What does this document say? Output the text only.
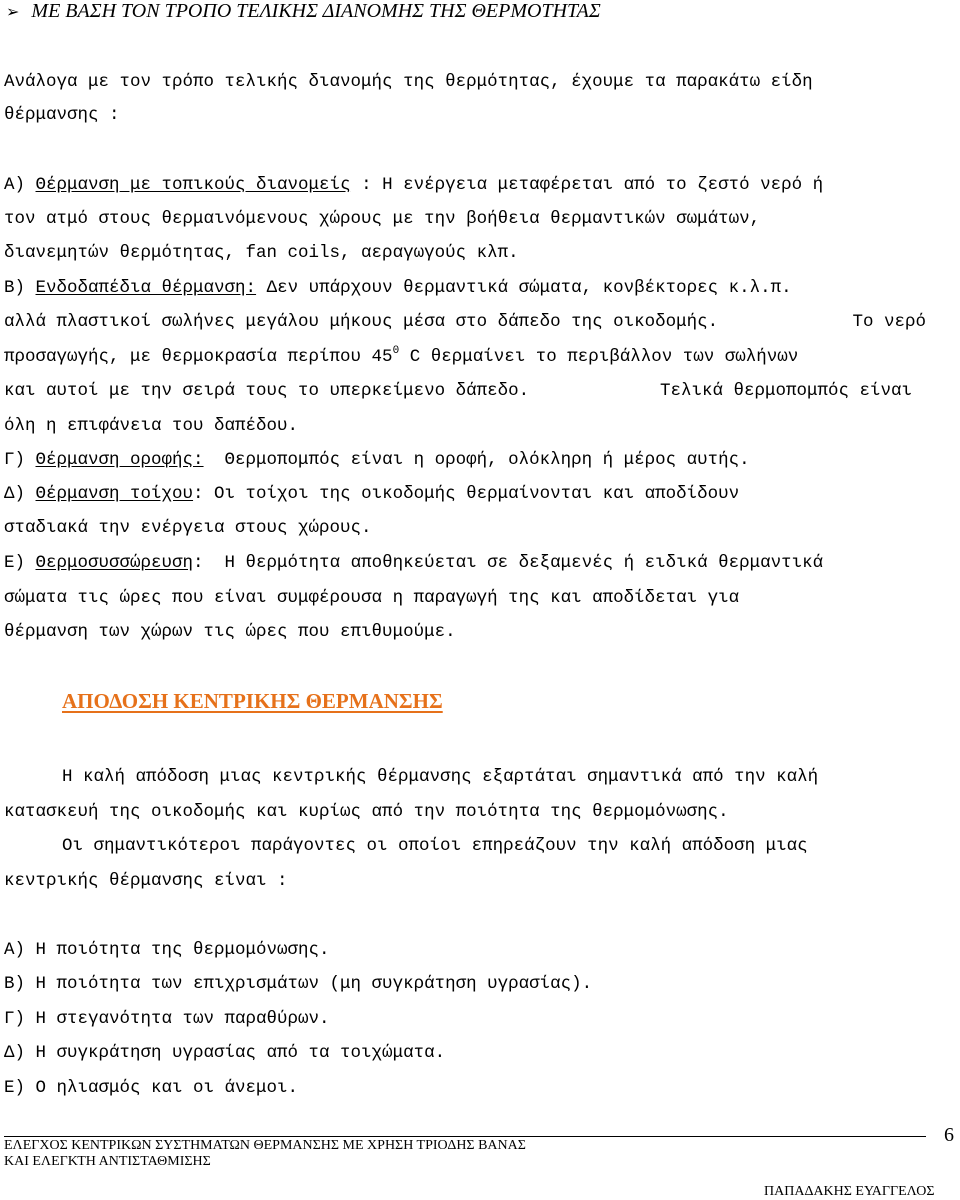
➢ ΜΕ ΒΑΣΗ ΤΟΝ ΤΡΟΠΟ ΤΕΛΙΚΗΣ ΔΙΑΝΟΜΗΣ ΤΗΣ ΘΕΡΜΟΤΗΤΑΣ
Ανάλογα με τον τρόπο τελικής διανομής της θερμότητας, έχουμε τα παρακάτω είδη
θέρμανσης :
Α) Θέρμανση με τοπικούς διανομείς : Η ενέργεια μεταφέρεται από το ζεστό νερό ή
τον ατμό στους θερμαινόμενους χώρους με την βοήθεια θερμαντικών σωμάτων,
διανεμητών θερμότητας, fan coils, αεραγωγούς κλπ.
Β) Ενδοδαπέδια θέρμανση: Δεν υπάρχουν θερμαντικά σώματα, κονβέκτορες κ.λ.π.
αλλά πλαστικοί σωλήνες μεγάλου μήκους μέσα στο δάπεδο της οικοδομής.	Το νερό
προσαγωγής, με θερμοκρασία περίπου $45^0$ C θερμαίνει το περιβάλλον των σωλήνων
και αυτοί με την σειρά τους το υπερκείμενο δάπεδο.	Τελικά θερμοπομπός είναι
όλη η επιφάνεια του δαπέδου.
Γ) Θέρμανση οροφής:  Θερμοπομπός είναι η οροφή, ολόκληρη ή μέρος αυτής.
Δ) Θέρμανση τοίχου: Οι τοίχοι της οικοδομής θερμαίνονται και αποδίδουν
σταδιακά την ενέργεια στους χώρους.
Ε) Θερμοσυσσώρευση:  Η θερμότητα αποθηκεύεται σε δεξαμενές ή ειδικά θερμαντικά
σώματα τις ώρες που είναι συμφέρουσα η παραγωγή της και αποδίδεται για
θέρμανση των χώρων τις ώρες που επιθυμούμε.
ΑΠΟΔΟΣΗ ΚΕΝΤΡΙΚΗΣ ΘΕΡΜΑΝΣΗΣ
Η καλή απόδοση μιας κεντρικής θέρμανσης εξαρτάται σημαντικά από την καλή
κατασκευή της οικοδομής και κυρίως από την ποιότητα της θερμομόνωσης.
Οι σημαντικότεροι παράγοντες οι οποίοι επηρεάζουν την καλή απόδοση μιας
κεντρικής θέρμανσης είναι :
Α) Η ποιότητα της θερμομόνωσης.
Β) Η ποιότητα των επιχρισμάτων (μη συγκράτηση υγρασίας).
Γ) Η στεγανότητα των παραθύρων.
Δ) Η συγκράτηση υγρασίας από τα τοιχώματα.
Ε) Ο ηλιασμός και οι άνεμοι.
ΕΛΕΓΧΟΣ ΚΕΝΤΡΙΚΩΝ ΣΥΣΤΗΜΑΤΩΝ ΘΕΡΜΑΝΣΗΣ ΜΕ ΧΡΗΣΗ ΤΡΙΟΔΗΣ ΒΑΝΑΣ
ΚΑΙ ΕΛΕΓΚΤΗ ΑΝΤΙΣΤΑΘΜΙΣΗΣ
6
ΠΑΠΑΔΑΚΗΣ ΕΥΑΓΓΕΛΟΣ
